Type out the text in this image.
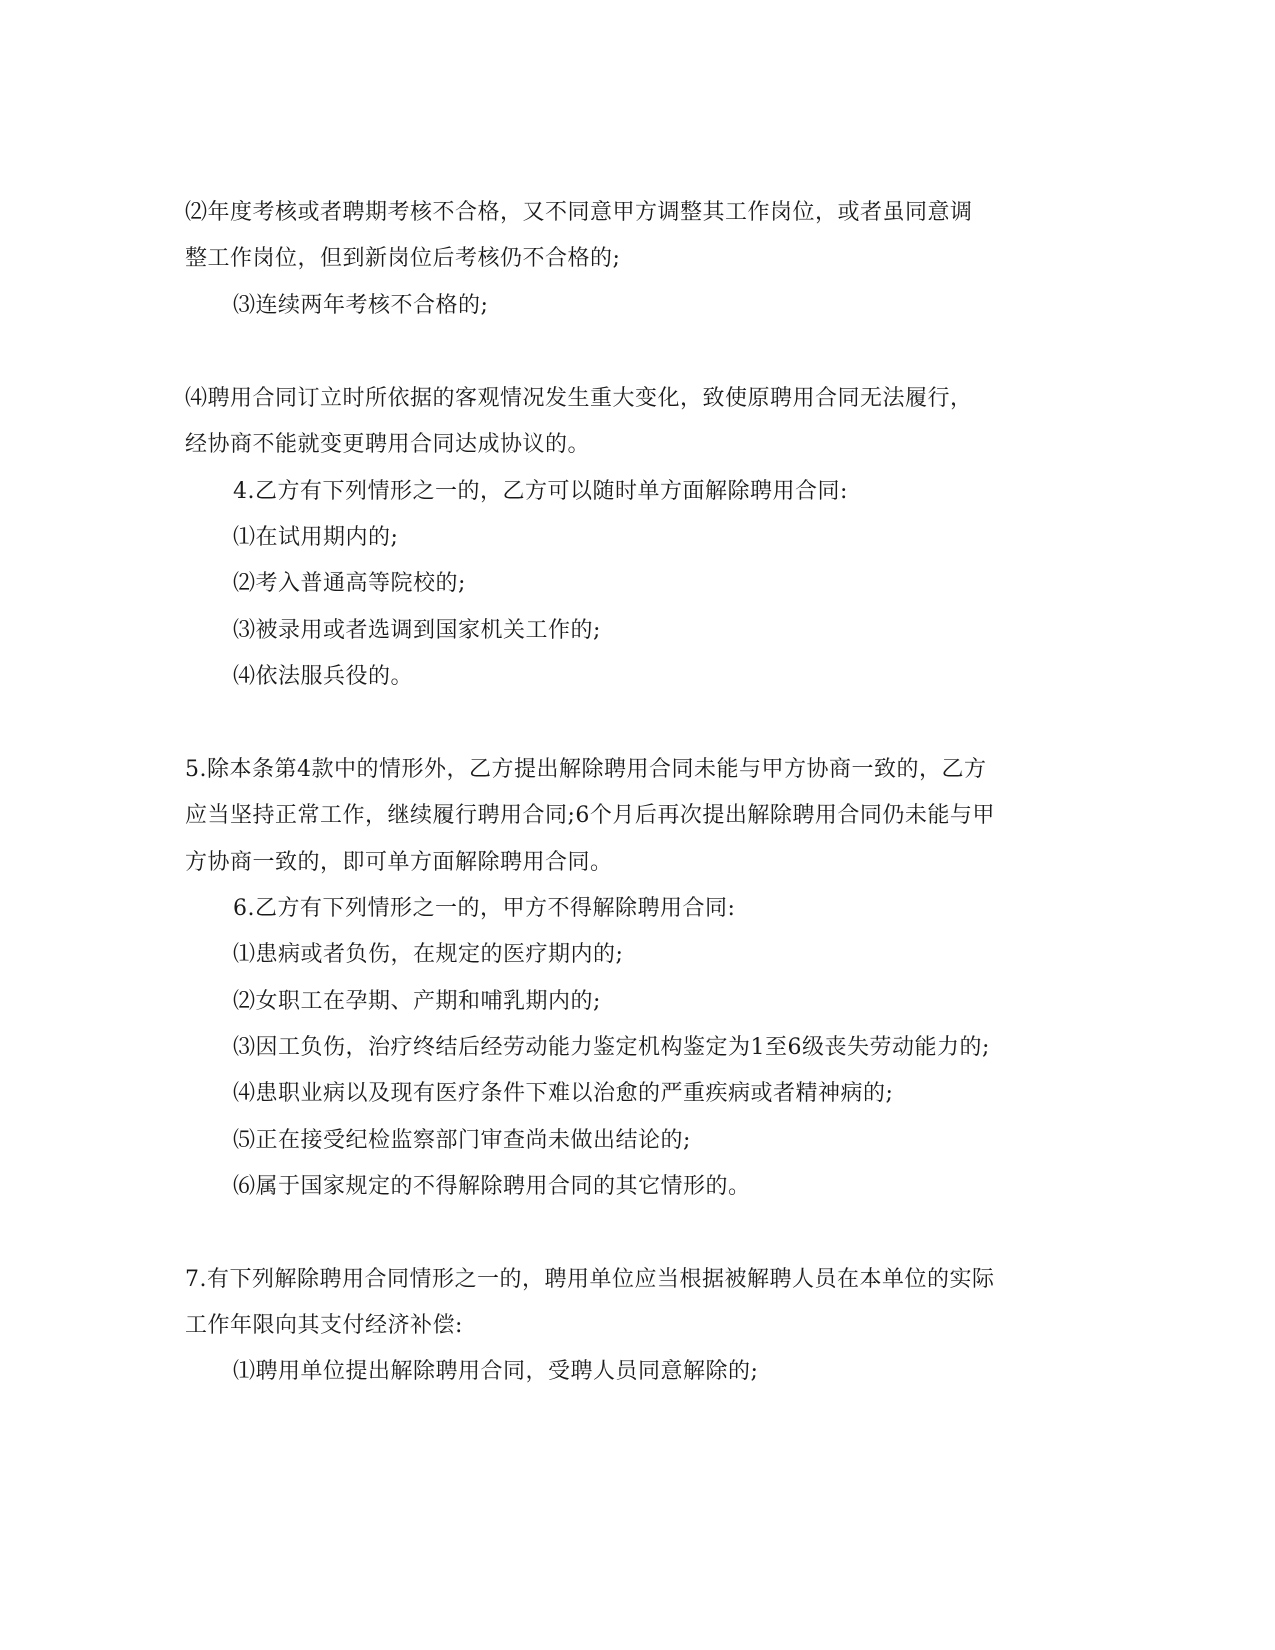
⑵年度考核或者聘期考核不合格，又不同意甲方调整其工作岗位，或者虽同意调
整工作岗位，但到新岗位后考核仍不合格的;
⑶连续两年考核不合格的;
⑷聘用合同订立时所依据的客观情况发生重大变化，致使原聘用合同无法履行，
经协商不能就变更聘用合同达成协议的。
4.乙方有下列情形之一的，乙方可以随时单方面解除聘用合同:
⑴在试用期内的;
⑵考入普通高等院校的;
⑶被录用或者选调到国家机关工作的;
⑷依法服兵役的。
5.除本条第4款中的情形外，乙方提出解除聘用合同未能与甲方协商一致的，乙方
应当坚持正常工作，继续履行聘用合同;6个月后再次提出解除聘用合同仍未能与甲
方协商一致的，即可单方面解除聘用合同。
6.乙方有下列情形之一的，甲方不得解除聘用合同:
⑴患病或者负伤，在规定的医疗期内的;
⑵女职工在孕期、产期和哺乳期内的;
⑶因工负伤，治疗终结后经劳动能力鉴定机构鉴定为1至6级丧失劳动能力的;
⑷患职业病以及现有医疗条件下难以治愈的严重疾病或者精神病的;
⑸正在接受纪检监察部门审查尚未做出结论的;
⑹属于国家规定的不得解除聘用合同的其它情形的。
7.有下列解除聘用合同情形之一的，聘用单位应当根据被解聘人员在本单位的实际
工作年限向其支付经济补偿:
⑴聘用单位提出解除聘用合同，受聘人员同意解除的;
